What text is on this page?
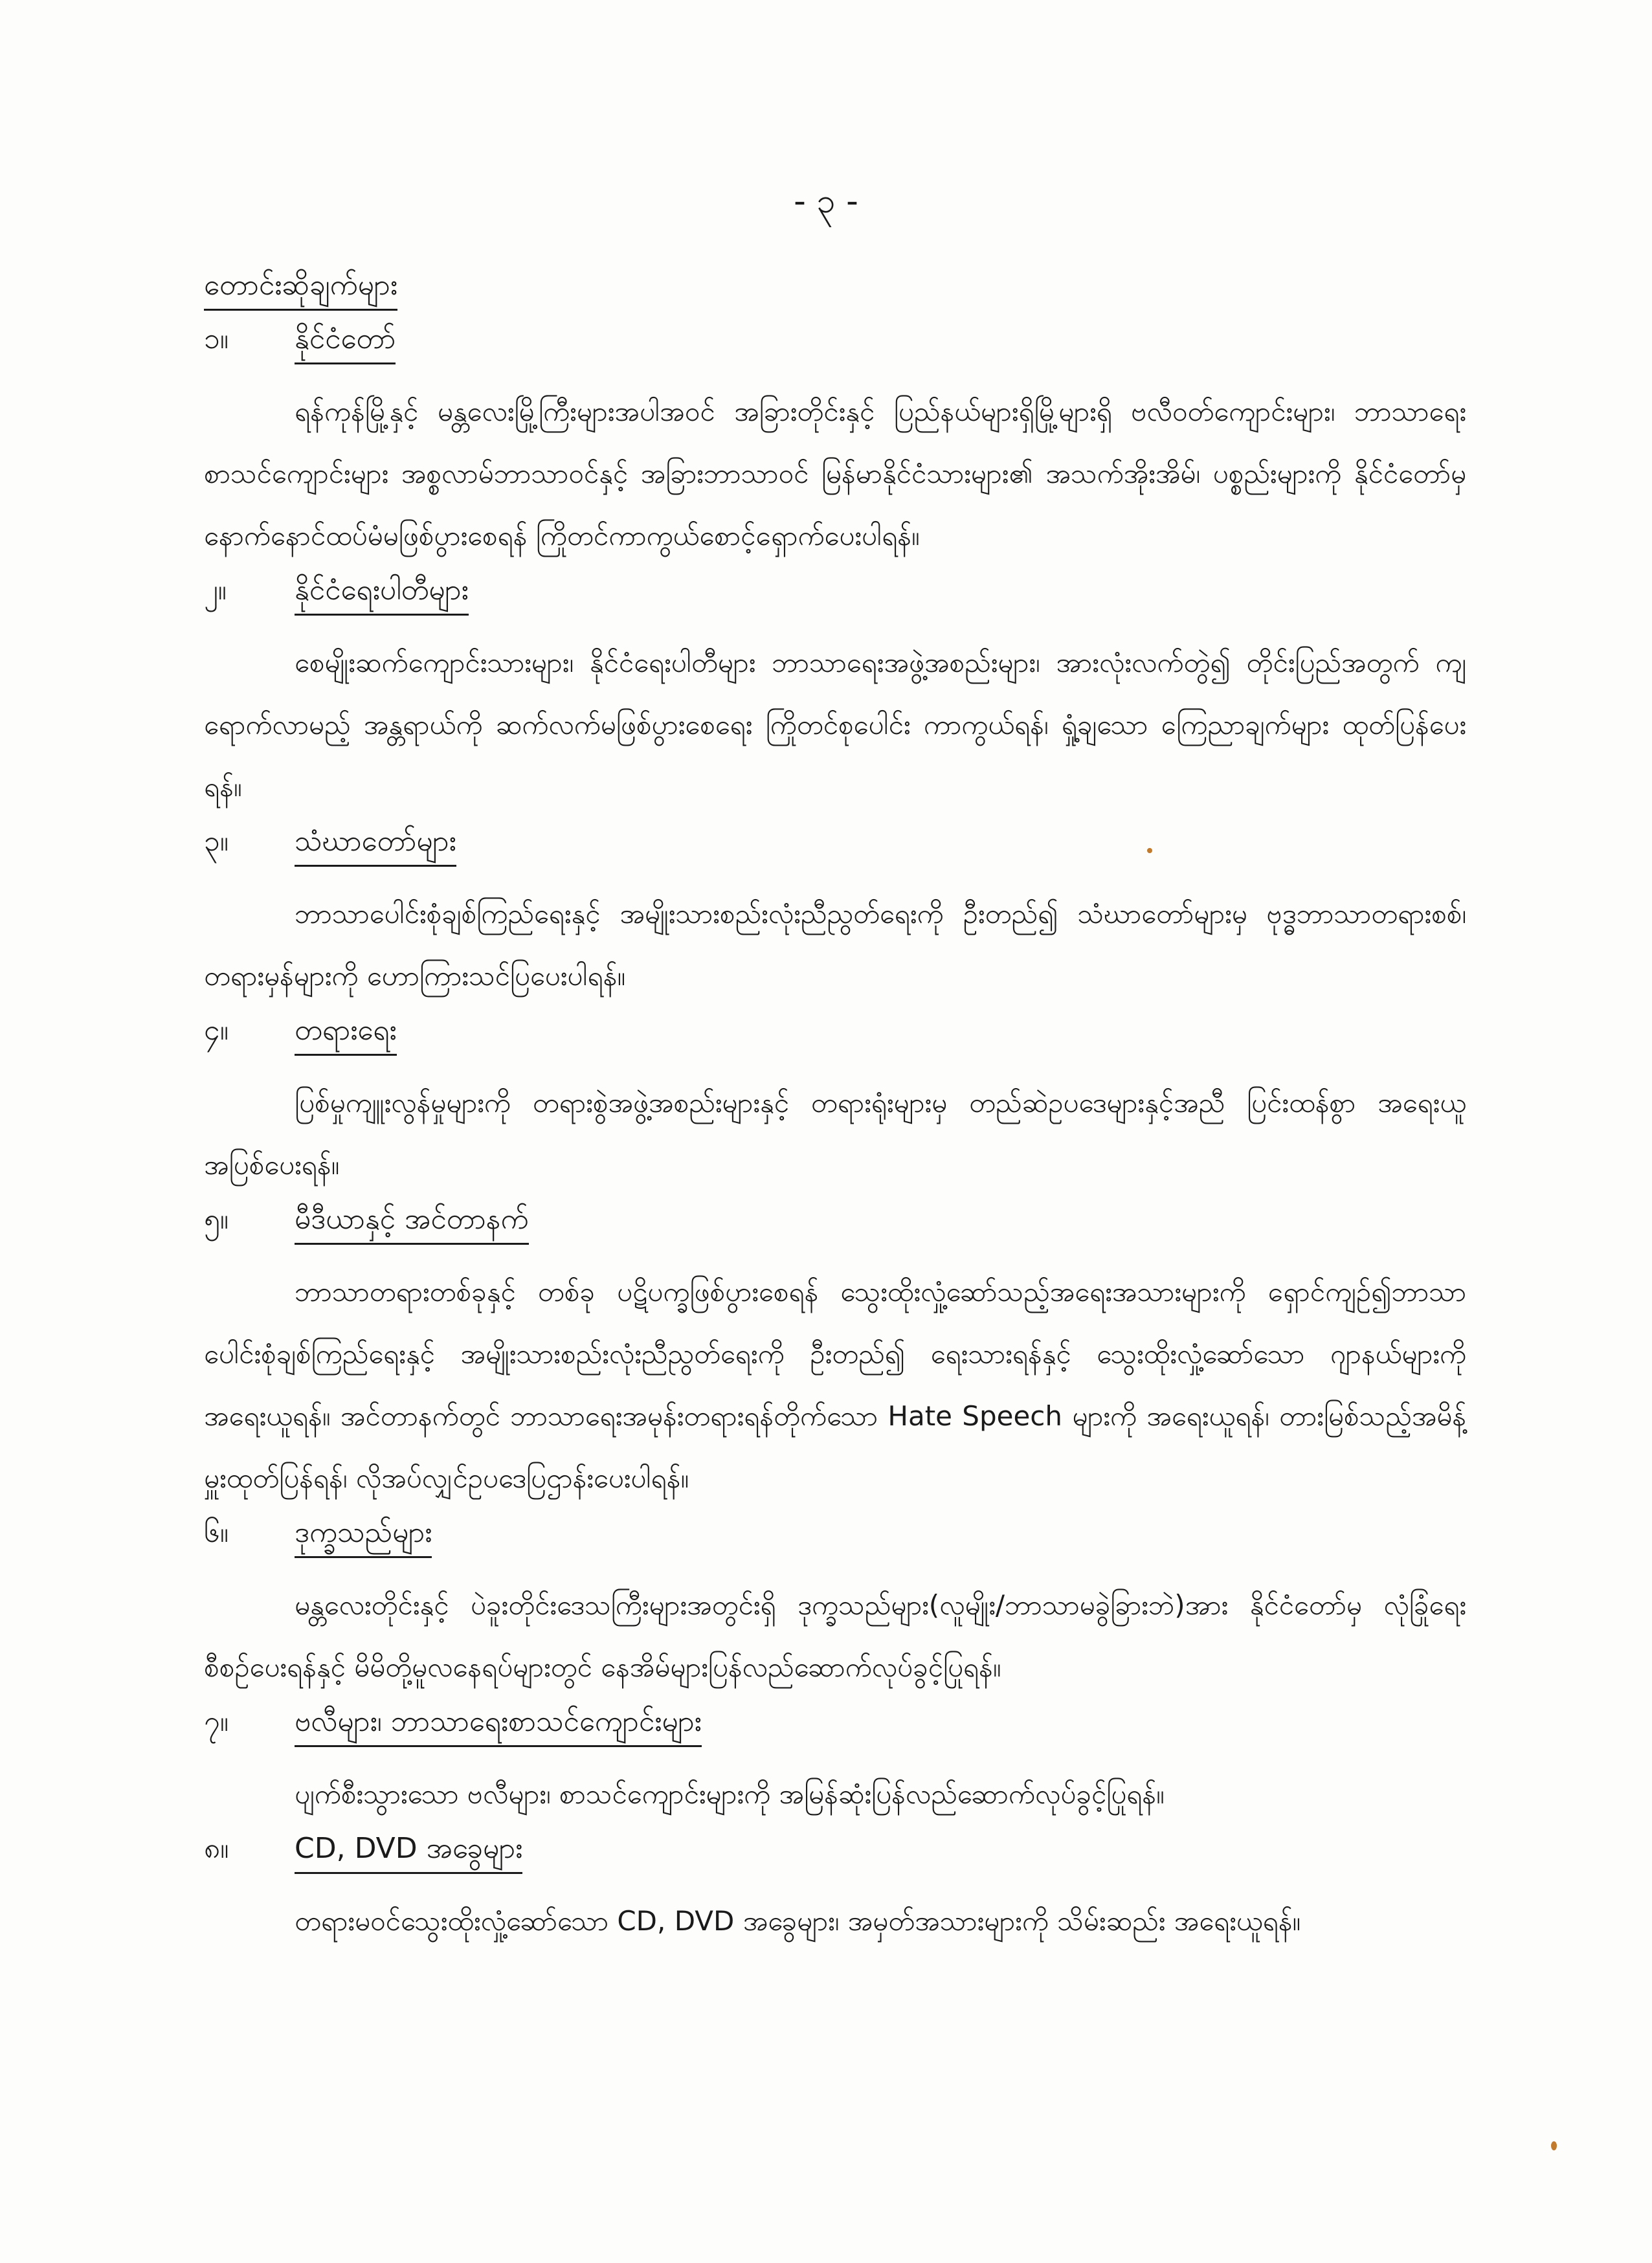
- ၃ -
တောင်းဆိုချက်များ
၁။	နိုင်ငံတော်

ရန်ကုန်မြို့နှင့် မန္တလေးမြို့ကြီးများအပါအဝင် အခြားတိုင်းနှင့် ပြည်နယ်များရှိမြို့များရှိ ဗလီဝတ်ကျောင်းများ၊ ဘာသာရေးစာသင်ကျောင်းများ အစ္စလာမ်ဘာသာဝင်နှင့် အခြားဘာသာဝင် မြန်မာနိုင်ငံသားများ၏ အသက်အိုးအိမ်၊ ပစ္စည်းများကို နိုင်ငံတော်မှ နောက်နောင်ထပ်မံမဖြစ်ပွားစေရန် ကြိုတင်ကာကွယ်စောင့်ရှောက်ပေးပါရန်။

၂။	နိုင်ငံရေးပါတီများ

စေမျိုးဆက်ကျောင်းသားများ၊ နိုင်ငံရေးပါတီများ ဘာသာရေးအဖွဲ့အစည်းများ၊ အားလုံးလက်တွဲ၍ တိုင်းပြည်အတွက် ကျရောက်လာမည့် အန္တရာယ်ကို ဆက်လက်မဖြစ်ပွားစေရေး ကြိုတင်စုပေါင်း ကာကွယ်ရန်၊ ရှုံ့ချသော ကြေညာချက်များ ထုတ်ပြန်ပေးရန်။

၃။	သံဃာတော်များ

ဘာသာပေါင်းစုံချစ်ကြည်ရေးနှင့် အမျိုးသားစည်းလုံးညီညွတ်ရေးကို ဦးတည်၍ သံဃာတော်များမှ ဗုဒ္ဓဘာသာတရားစစ်၊ တရားမှန်များကို ဟောကြားသင်ပြပေးပါရန်။

၄။	တရားရေး

ပြစ်မှုကျူးလွန်မှုများကို တရားစွဲအဖွဲ့အစည်းများနှင့် တရားရုံးများမှ တည်ဆဲဥပဒေများနှင့်အညီ ပြင်းထန်စွာ အရေးယူအပြစ်ပေးရန်။

၅။	မီဒီယာနှင့် အင်တာနက်

ဘာသာတရားတစ်ခုနှင့် တစ်ခု ပဋိပက္ခဖြစ်ပွားစေရန် သွေးထိုးလှုံ့ဆော်သည့်အရေးအသားများကို ရှောင်ကျဉ်၍ဘာသာပေါင်းစုံချစ်ကြည်ရေးနှင့် အမျိုးသားစည်းလုံးညီညွတ်ရေးကို ဦးတည်၍ ရေးသားရန်နှင့် သွေးထိုးလှုံ့ဆော်သော ဂျာနယ်များကို အရေးယူရန်။ အင်တာနက်တွင် ဘာသာရေးအမုန်းတရားရန်တိုက်သော Hate Speech များကို အရေးယူရန်၊ တားမြစ်သည့်အမိန့်မှူးထုတ်ပြန်ရန်၊ လိုအပ်လျှင်ဥပဒေပြဌာန်းပေးပါရန်။

၆။	ဒုက္ခသည်များ

မန္တလေးတိုင်းနှင့် ပဲခူးတိုင်းဒေသကြီးများအတွင်းရှိ ဒုက္ခသည်များ(လူမျိုး/ဘာသာမခွဲခြားဘဲ)အား နိုင်ငံတော်မှ လုံခြုံရေး စီစဉ်ပေးရန်နှင့် မိမိတို့မူလနေရပ်များတွင် နေအိမ်များပြန်လည်ဆောက်လုပ်ခွင့်ပြုရန်။

၇။	ဗလီများ၊ ဘာသာရေးစာသင်ကျောင်းများ

ပျက်စီးသွားသော ဗလီများ၊ စာသင်ကျောင်းများကို အမြန်ဆုံးပြန်လည်ဆောက်လုပ်ခွင့်ပြုရန်။

၈။	CD, DVD အခွေများ

တရားမဝင်သွေးထိုးလှုံ့ဆော်သော CD, DVD အခွေများ၊ အမှတ်အသားများကို သိမ်းဆည်း အရေးယူရန်။
